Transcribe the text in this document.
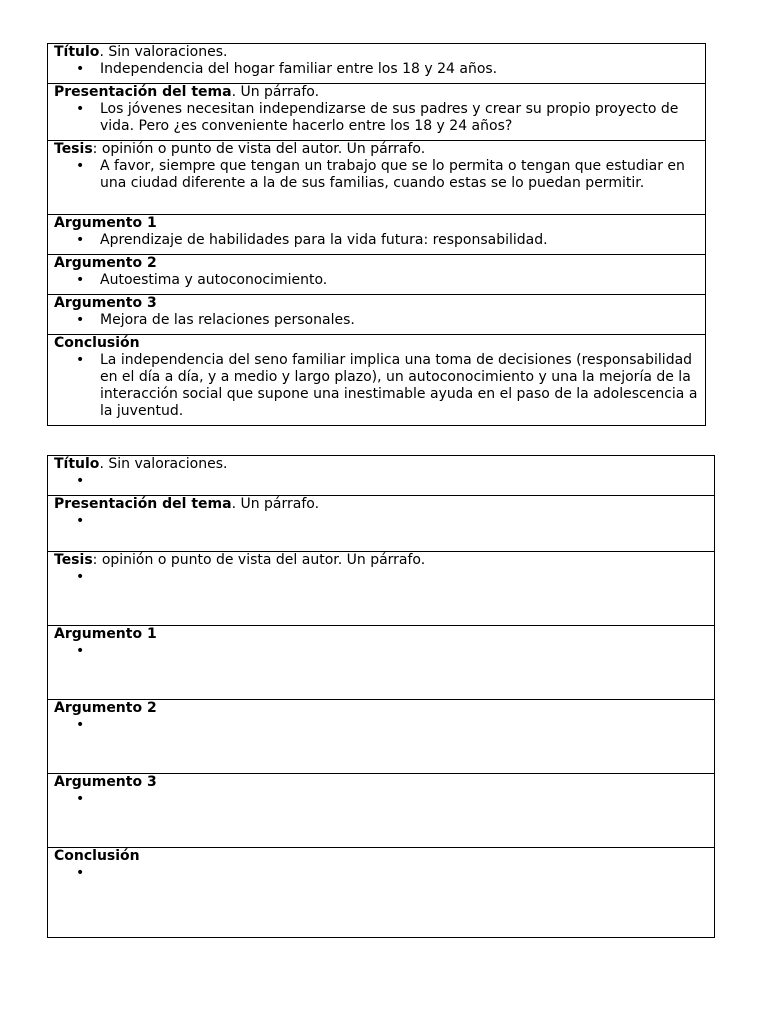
Título. Sin valoraciones.
• Independencia del hogar familiar entre los 18 y 24 años.

Presentación del tema. Un párrafo.
• Los jóvenes necesitan independizarse de sus padres y crear su propio proyecto de vida. Pero ¿es conveniente hacerlo entre los 18 y 24 años?

Tesis: opinión o punto de vista del autor. Un párrafo.
• A favor, siempre que tengan un trabajo que se lo permita o tengan que estudiar en una ciudad diferente a la de sus familias, cuando estas se lo puedan permitir.

Argumento 1
• Aprendizaje de habilidades para la vida futura: responsabilidad.

Argumento 2
• Autoestima y autoconocimiento.

Argumento 3
• Mejora de las relaciones personales.

Conclusión
• La independencia del seno familiar implica una toma de decisiones (responsabilidad en el día a día, y a medio y largo plazo), un autoconocimiento y una la mejoría de la interacción social que supone una inestimable ayuda en el paso de la adolescencia a la juventud.
Título. Sin valoraciones.

Presentación del tema. Un párrafo.

Tesis: opinión o punto de vista del autor. Un párrafo.

Argumento 1

Argumento 2

Argumento 3

Conclusión
